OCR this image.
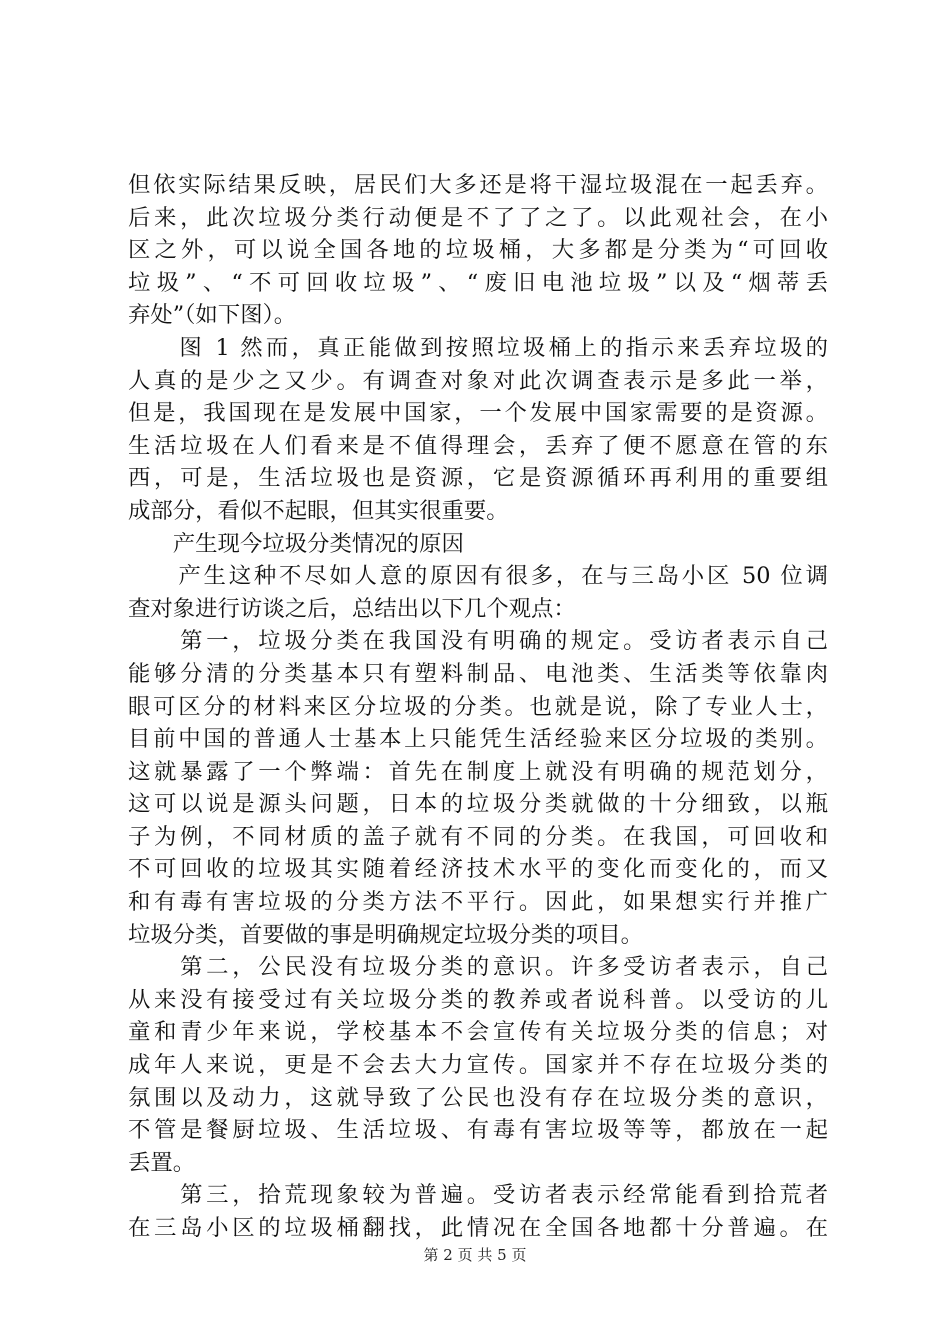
但依实际结果反映，居民们大多还是将干湿垃圾混在一起丢弃。
后来，此次垃圾分类行动便是不了了之了。以此观社会，在小
区之外，可以说全国各地的垃圾桶，大多都是分类为“可回收
垃圾”、“不可回收垃圾”、“废旧电池垃圾”以及“烟蒂丢
弃处”（如下图）。
　　图 1 然而，真正能做到按照垃圾桶上的指示来丢弃垃圾的
人真的是少之又少。有调查对象对此次调查表示是多此一举，
但是，我国现在是发展中国家，一个发展中国家需要的是资源。
生活垃圾在人们看来是不值得理会，丢弃了便不愿意在管的东
西，可是，生活垃圾也是资源，它是资源循环再利用的重要组
成部分，看似不起眼，但其实很重要。
　　产生现今垃圾分类情况的原因
　　产生这种不尽如人意的原因有很多，在与三岛小区 50 位调
查对象进行访谈之后，总结出以下几个观点：
　　第一，垃圾分类在我国没有明确的规定。受访者表示自己
能够分清的分类基本只有塑料制品、电池类、生活类等依靠肉
眼可区分的材料来区分垃圾的分类。也就是说，除了专业人士，
目前中国的普通人士基本上只能凭生活经验来区分垃圾的类别。
这就暴露了一个弊端：首先在制度上就没有明确的规范划分，
这可以说是源头问题，日本的垃圾分类就做的十分细致，以瓶
子为例，不同材质的盖子就有不同的分类。在我国，可回收和
不可回收的垃圾其实随着经济技术水平的变化而变化的，而又
和有毒有害垃圾的分类方法不平行。因此，如果想实行并推广
垃圾分类，首要做的事是明确规定垃圾分类的项目。
　　第二，公民没有垃圾分类的意识。许多受访者表示，自己
从来没有接受过有关垃圾分类的教养或者说科普。以受访的儿
童和青少年来说，学校基本不会宣传有关垃圾分类的信息；对
成年人来说，更是不会去大力宣传。国家并不存在垃圾分类的
氛围以及动力，这就导致了公民也没有存在垃圾分类的意识，
不管是餐厨垃圾、生活垃圾、有毒有害垃圾等等，都放在一起
丢置。
　　第三，拾荒现象较为普遍。受访者表示经常能看到拾荒者
在三岛小区的垃圾桶翻找，此情况在全国各地都十分普遍。在
第 2 页 共 5 页
